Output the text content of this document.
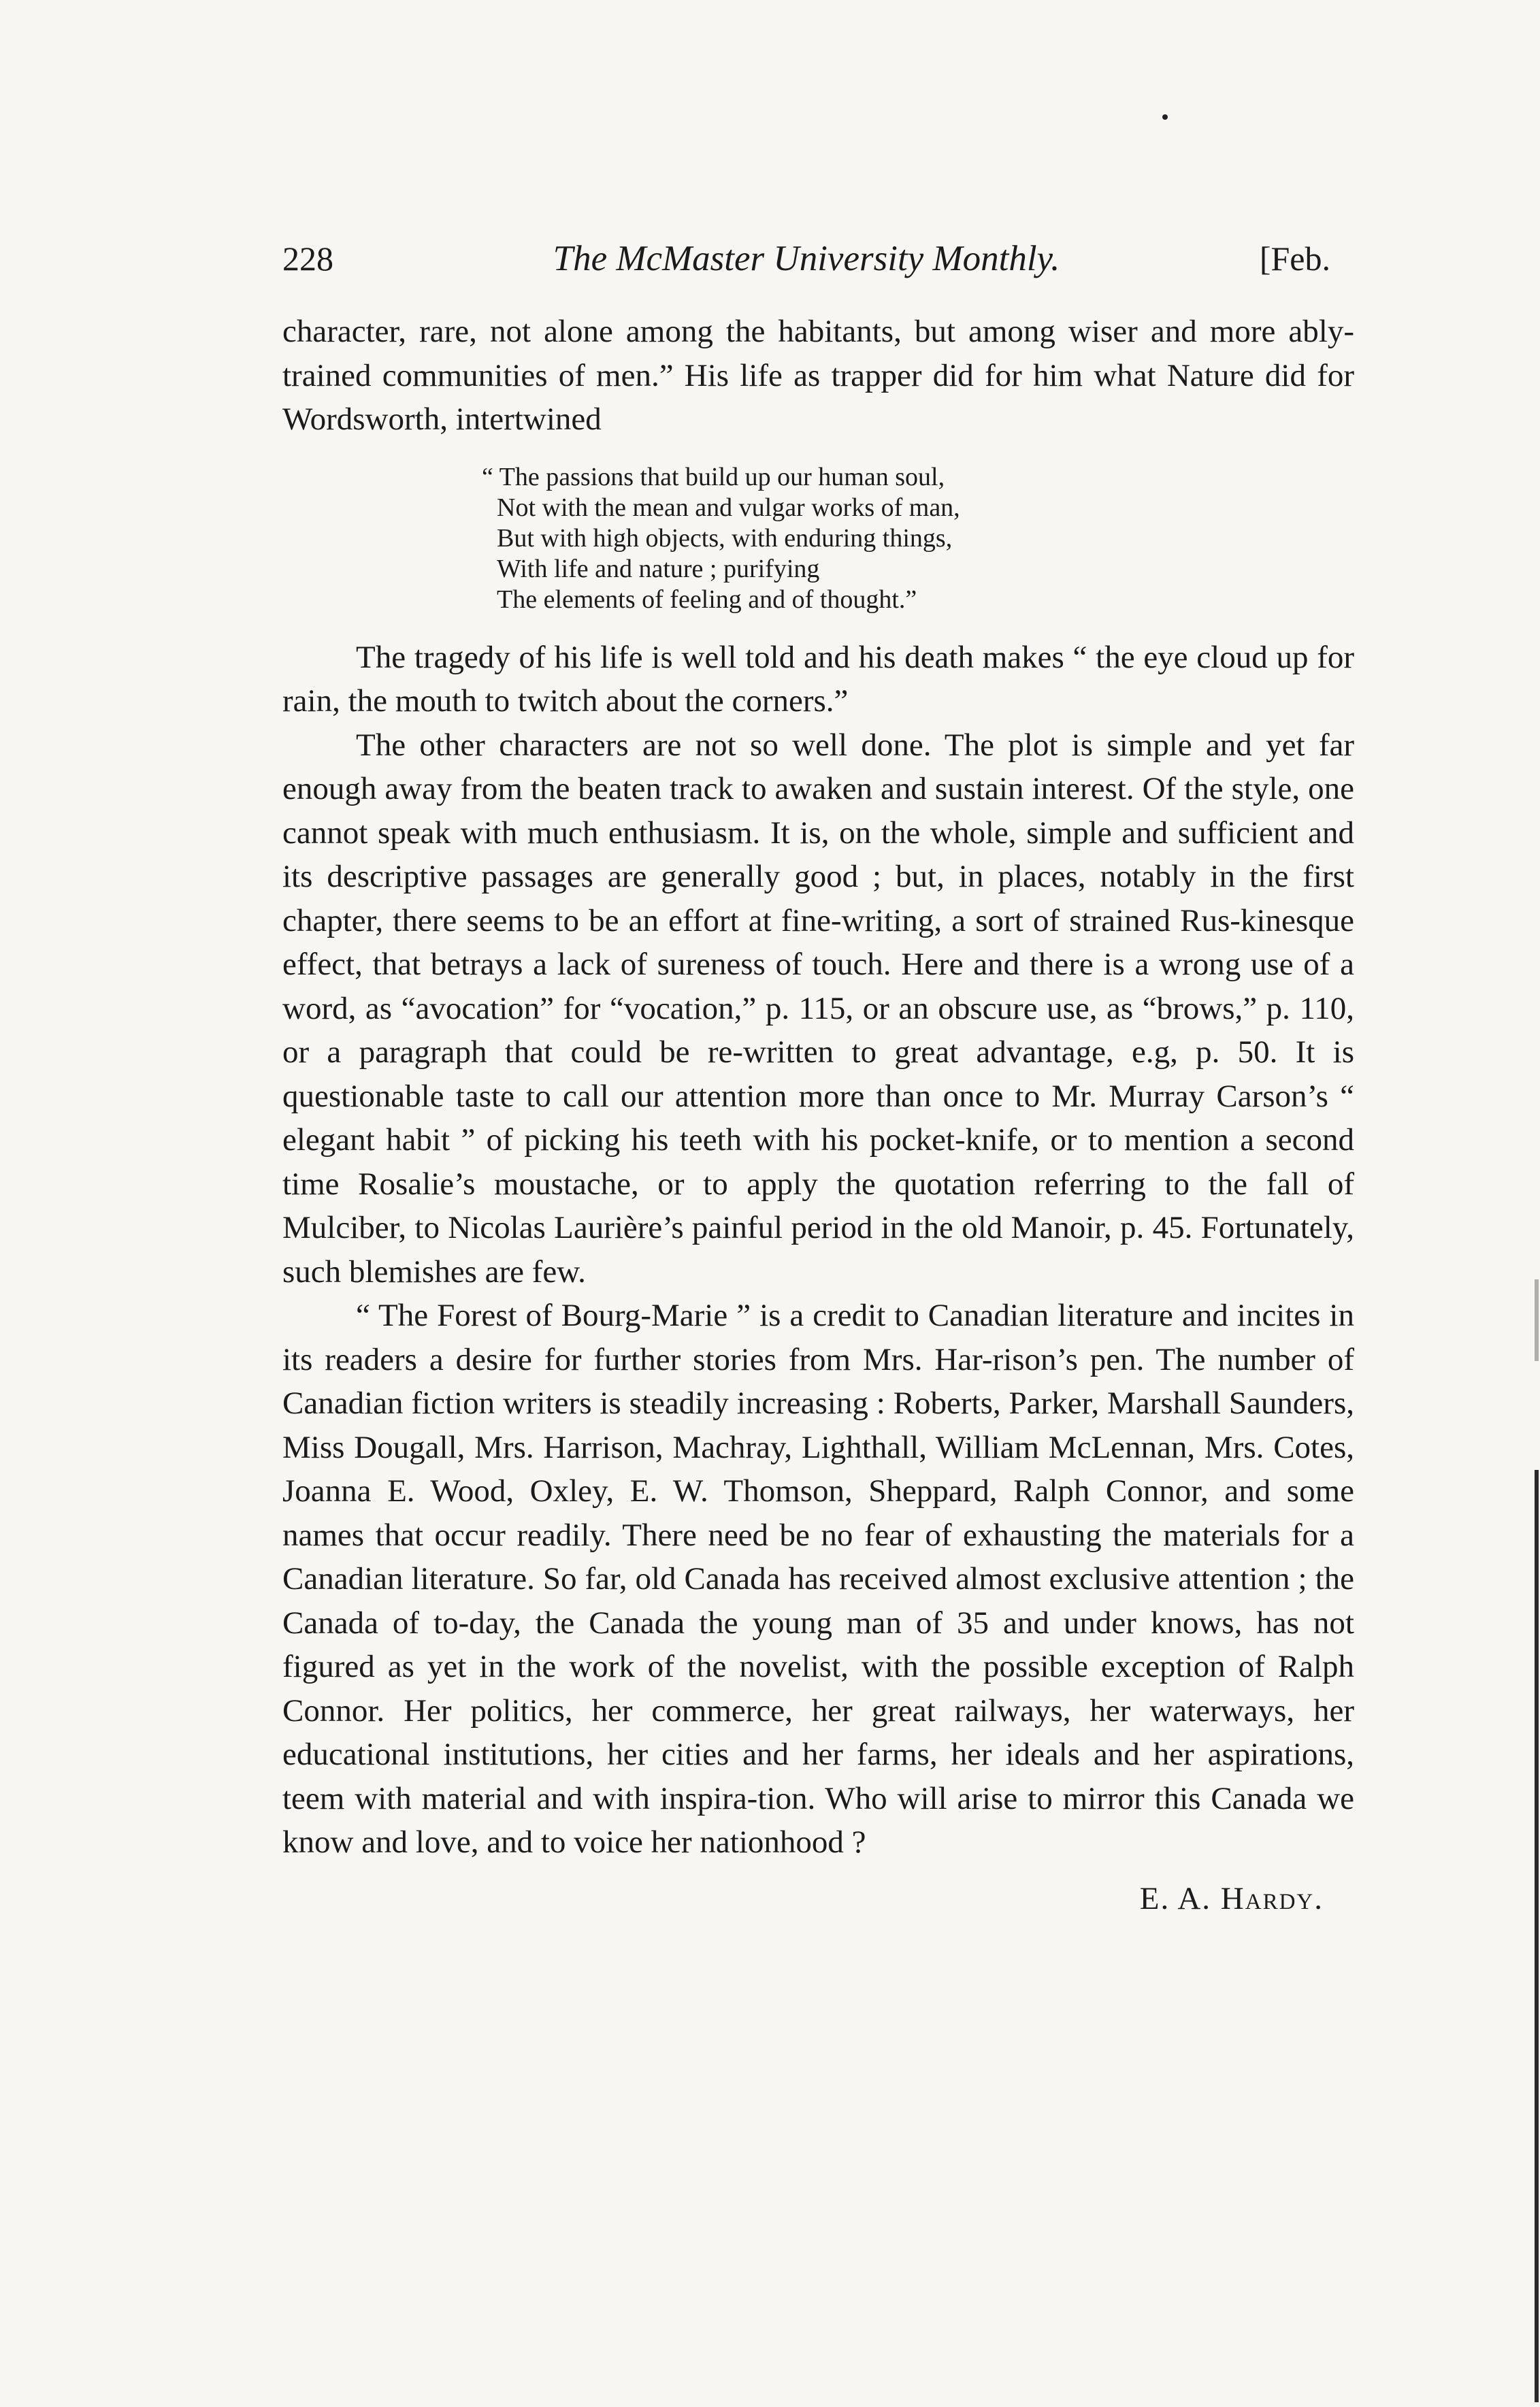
228	The McMaster University Monthly.	[Feb.

character, rare, not alone among the habitants, but among wiser and more ably-trained communities of men.” His life as trapper did for him what Nature did for Wordsworth, intertwined

“ The passions that build up our human soul,
Not with the mean and vulgar works of man,
But with high objects, with enduring things,
With life and nature ; purifying
The elements of feeling and of thought.”

The tragedy of his life is well told and his death makes “ the eye cloud up for rain, the mouth to twitch about the corners.”

The other characters are not so well done. The plot is simple and yet far enough away from the beaten track to awaken and sustain interest. Of the style, one cannot speak with much enthusiasm. It is, on the whole, simple and sufficient and its descriptive passages are generally good ; but, in places, notably in the first chapter, there seems to be an effort at fine-writing, a sort of strained Rus-kinesque effect, that betrays a lack of sureness of touch. Here and there is a wrong use of a word, as “avocation” for “vocation,” p. 115, or an obscure use, as “brows,” p. 110, or a paragraph that could be re-written to great advantage, e.g, p. 50. It is questionable taste to call our attention more than once to Mr. Murray Carson’s “ elegant habit ” of picking his teeth with his pocket-knife, or to mention a second time Rosalie’s moustache, or to apply the quotation referring to the fall of Mulciber, to Nicolas Laurière’s painful period in the old Manoir, p. 45. Fortunately, such blemishes are few.

“ The Forest of Bourg-Marie ” is a credit to Canadian literature and incites in its readers a desire for further stories from Mrs. Har-rison’s pen. The number of Canadian fiction writers is steadily increasing : Roberts, Parker, Marshall Saunders, Miss Dougall, Mrs. Harrison, Machray, Lighthall, William McLennan, Mrs. Cotes, Joanna E. Wood, Oxley, E. W. Thomson, Sheppard, Ralph Connor, and some names that occur readily. There need be no fear of exhausting the materials for a Canadian literature. So far, old Canada has received almost exclusive attention ; the Canada of to-day, the Canada the young man of 35 and under knows, has not figured as yet in the work of the novelist, with the possible exception of Ralph Connor. Her politics, her commerce, her great railways, her waterways, her educational institutions, her cities and her farms, her ideals and her aspirations, teem with material and with inspira-tion. Who will arise to mirror this Canada we know and love, and to voice her nationhood ?

E. A. Hardy.
